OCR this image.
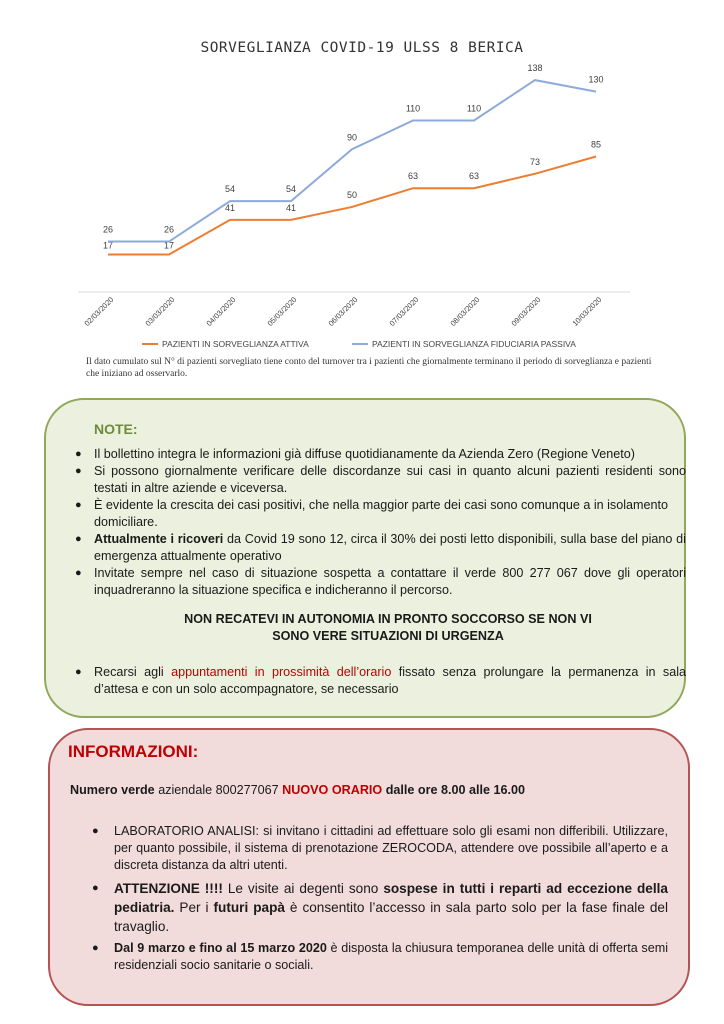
SORVEGLIANZA COVID-19 ULSS 8 BERICA
02/03/2020	03/03/2020	04/03/2020	05/03/2020	06/03/2020	07/03/2020	08/03/2020	09/03/2020	10/03/2020
17	17
41	41
50
63	63
73
85
26	26
54	54
90
110	110
138
130
PAZIENTI IN SORVEGLIANZA ATTIVA	PAZIENTI IN SORVEGLIANZA FIDUCIARIA PASSIVA
Il dato cumulato sul N° di pazienti sorvegliato tiene conto del turnover tra i pazienti che giornalmente terminano il periodo di sorveglianza e pazienti che iniziano ad osservarlo.
NOTE:
● Il bollettino integra le informazioni già diffuse quotidianamente da Azienda Zero (Regione Veneto)
● Si possono giornalmente verificare delle discordanze sui casi in quanto alcuni pazienti residenti sono testati in altre aziende e viceversa.
● È evidente la crescita dei casi positivi, che nella maggior parte dei casi sono comunque a in isolamento domiciliare.
● Attualmente i ricoveri da Covid 19 sono 12, circa il 30% dei posti letto disponibili, sulla base del piano di emergenza attualmente operativo
● Invitate sempre nel caso di situazione sospetta a contattare il verde 800 277 067 dove gli operatori inquadreranno la situazione specifica e indicheranno il percorso.
NON RECATEVI IN AUTONOMIA IN PRONTO SOCCORSO SE NON VI
SONO VERE SITUAZIONI DI URGENZA
● Recarsi agli appuntamenti in prossimità dell’orario fissato senza prolungare la permanenza in sala d’attesa e con un solo accompagnatore, se necessario
INFORMAZIONI:
Numero verde aziendale 800277067 NUOVO ORARIO dalle ore 8.00 alle 16.00
● LABORATORIO ANALISI: si invitano i cittadini ad effettuare solo gli esami non differibili. Utilizzare, per quanto possibile, il sistema di prenotazione ZEROCODA, attendere ove possibile all’aperto e a discreta distanza da altri utenti.
● ATTENZIONE !!!! Le visite ai degenti sono sospese in tutti i reparti ad eccezione della pediatria. Per i futuri papà è consentito l’accesso in sala parto solo per la fase finale del travaglio.
● Dal 9 marzo e fino al 15 marzo 2020 è disposta la chiusura temporanea delle unità di offerta semi residenziali socio sanitarie o sociali.
